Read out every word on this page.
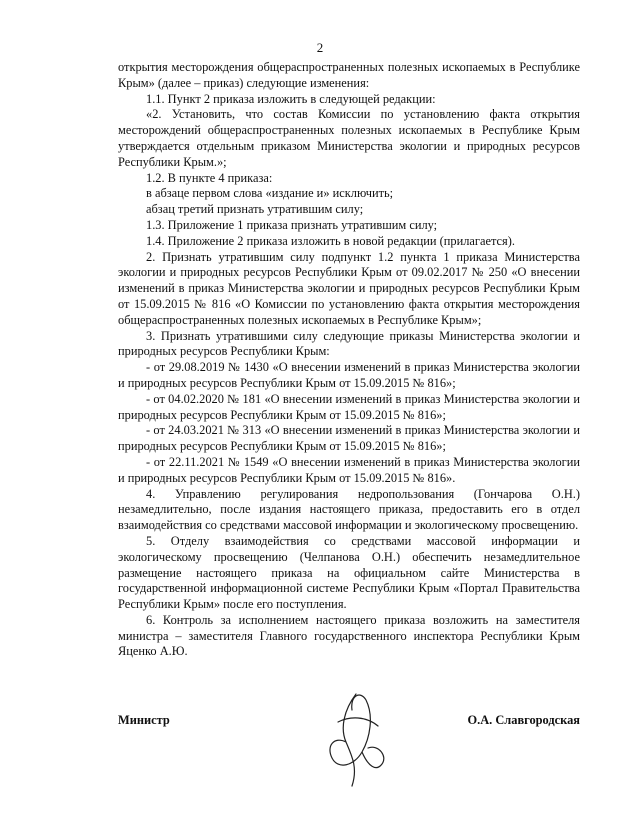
2

открытия месторождения общераспространенных полезных ископаемых в Республике Крым» (далее – приказ) следующие изменения:

1.1. Пункт 2 приказа изложить в следующей редакции:

«2. Установить, что состав Комиссии по установлению факта открытия месторождений общераспространенных полезных ископаемых в Республике Крым утверждается отдельным приказом Министерства экологии и природных ресурсов Республики Крым.»;

1.2. В пункте 4 приказа:

в абзаце первом слова «издание и» исключить;

абзац третий признать утратившим силу;

1.3. Приложение 1 приказа признать утратившим силу;

1.4. Приложение 2 приказа изложить в новой редакции (прилагается).

2. Признать утратившим силу подпункт 1.2 пункта 1 приказа Министерства экологии и природных ресурсов Республики Крым от 09.02.2017 № 250 «О внесении изменений в приказ Министерства экологии и природных ресурсов Республики Крым от 15.09.2015 № 816 «О Комиссии по установлению факта открытия месторождения общераспространенных полезных ископаемых в Республике Крым»;

3. Признать утратившими силу следующие приказы Министерства экологии и природных ресурсов Республики Крым:

- от 29.08.2019 № 1430 «О внесении изменений в приказ Министерства экологии и природных ресурсов Республики Крым от 15.09.2015 № 816»;

- от 04.02.2020 № 181 «О внесении изменений в приказ Министерства экологии и природных ресурсов Республики Крым от 15.09.2015 № 816»;

- от 24.03.2021 № 313 «О внесении изменений в приказ Министерства экологии и природных ресурсов Республики Крым от 15.09.2015 № 816»;

- от 22.11.2021 № 1549 «О внесении изменений в приказ Министерства экологии и природных ресурсов Республики Крым от 15.09.2015 № 816».

4. Управлению регулирования недропользования (Гончарова О.Н.) незамедлительно, после издания настоящего приказа, предоставить его в отдел взаимодействия со средствами массовой информации и экологическому просвещению.

5. Отделу взаимодействия со средствами массовой информации и экологическому просвещению (Челпанова О.Н.) обеспечить незамедлительное размещение настоящего приказа на официальном сайте Министерства в государственной информационной системе Республики Крым «Портал Правительства Республики Крым» после его поступления.

6. Контроль за исполнением настоящего приказа возложить на заместителя министра – заместителя Главного государственного инспектора Республики Крым Яценко А.Ю.

Министр	О.А. Славгородская
